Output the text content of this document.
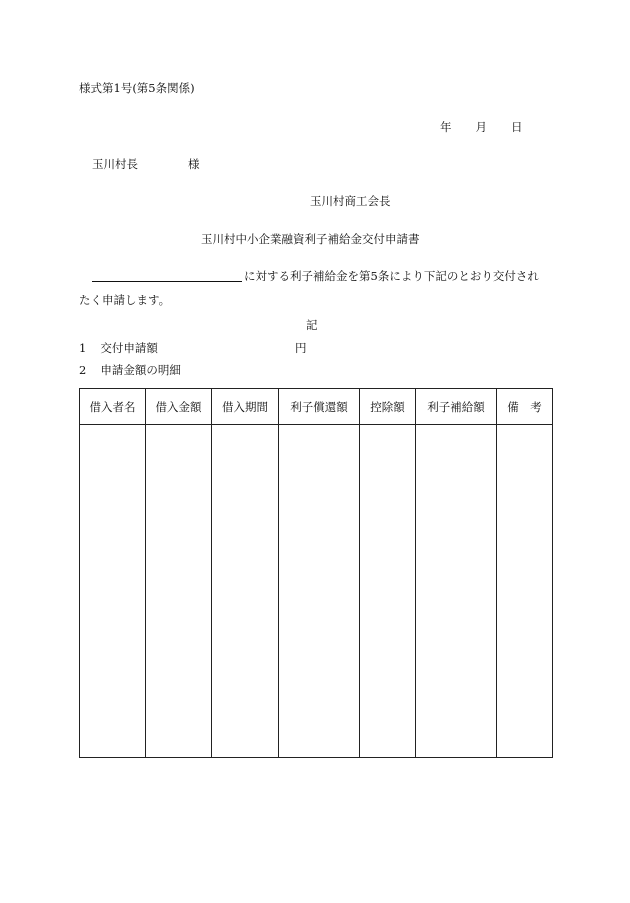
様式第1号(第5条関係)
年 月 日
玉川村長	様
玉川村商工会長
玉川村中小企業融資利子補給金交付申請書
に対する利子補給金を第5条により下記のとおり交付され
たく申請します。
記
1 交付申請額	円
2 申請金額の明細
借入者名	借入金額	借入期間	利子償還額	控除額	利子補給額	備　考
